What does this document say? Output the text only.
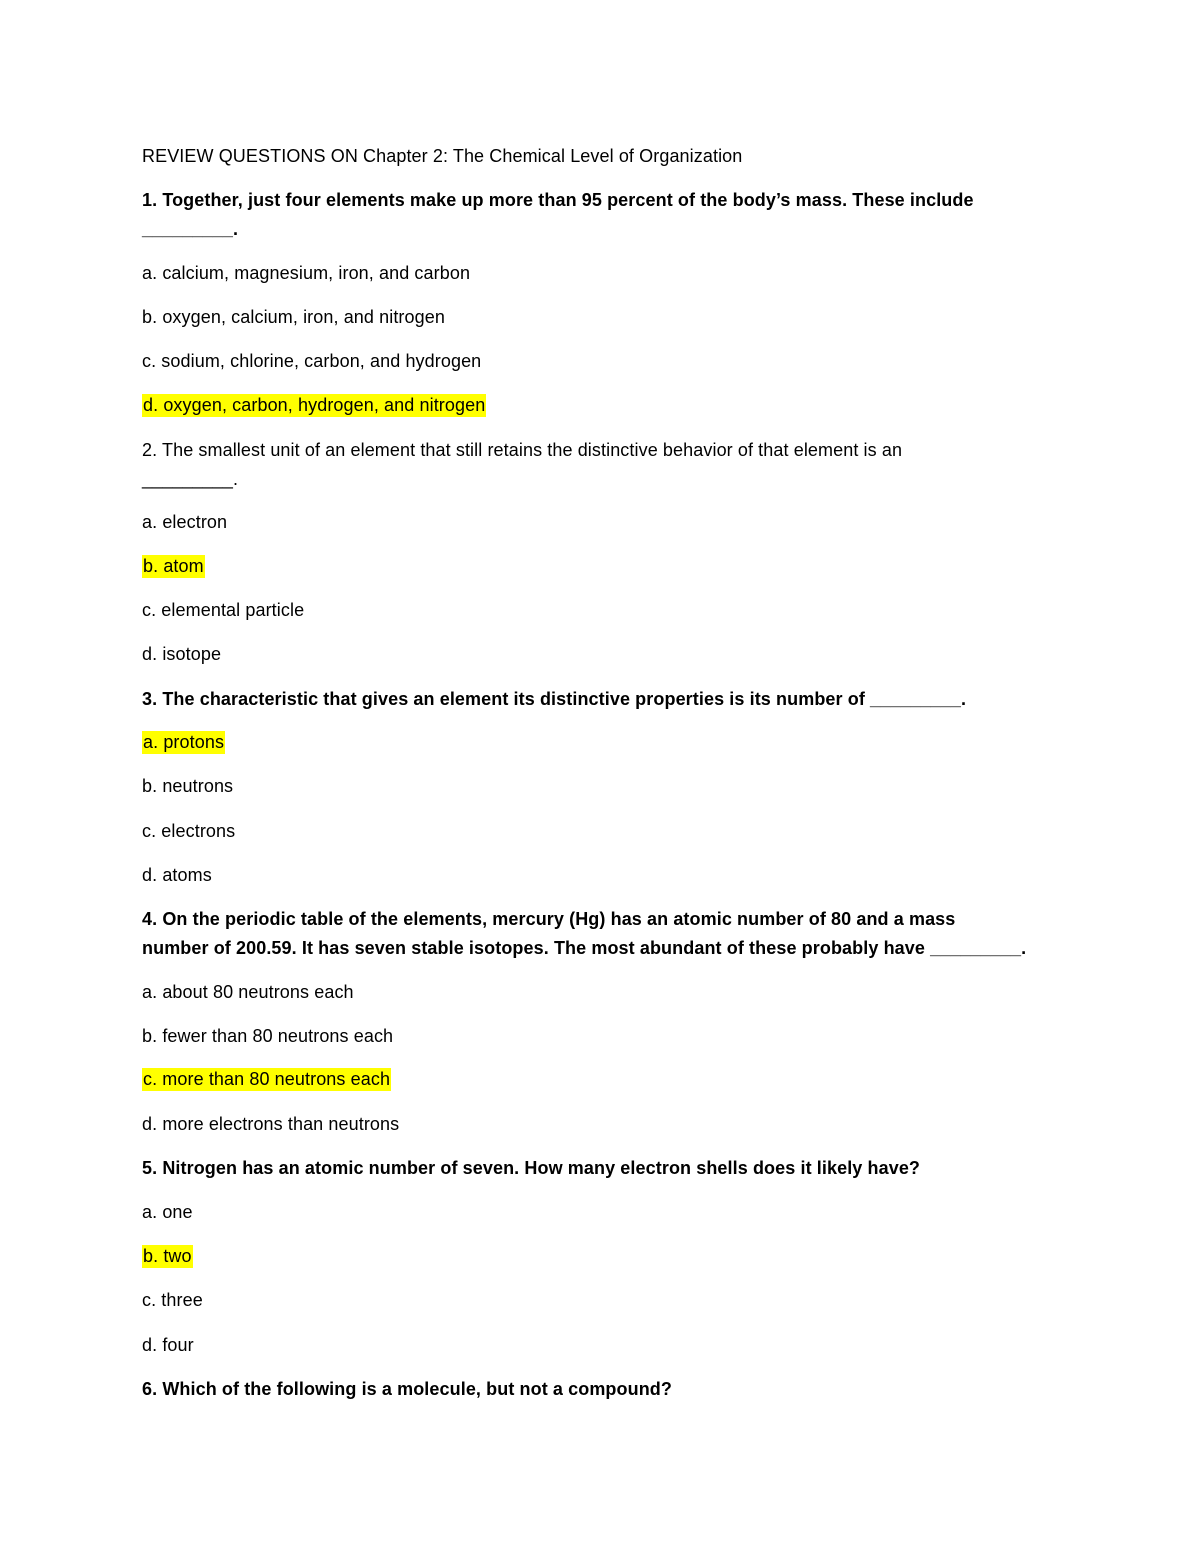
REVIEW QUESTIONS ON Chapter 2: The Chemical Level of Organization
1. Together, just four elements make up more than 95 percent of the body’s mass. These include
_________.
a. calcium, magnesium, iron, and carbon
b. oxygen, calcium, iron, and nitrogen
c. sodium, chlorine, carbon, and hydrogen
d. oxygen, carbon, hydrogen, and nitrogen
2. The smallest unit of an element that still retains the distinctive behavior of that element is an
_________.
a. electron
b. atom
c. elemental particle
d. isotope
3. The characteristic that gives an element its distinctive properties is its number of _________.
a. protons
b. neutrons
c. electrons
d. atoms
4. On the periodic table of the elements, mercury (Hg) has an atomic number of 80 and a mass
number of 200.59. It has seven stable isotopes. The most abundant of these probably have _________.
a. about 80 neutrons each
b. fewer than 80 neutrons each
c. more than 80 neutrons each
d. more electrons than neutrons
5. Nitrogen has an atomic number of seven. How many electron shells does it likely have?
a. one
b. two
c. three
d. four
6. Which of the following is a molecule, but not a compound?
